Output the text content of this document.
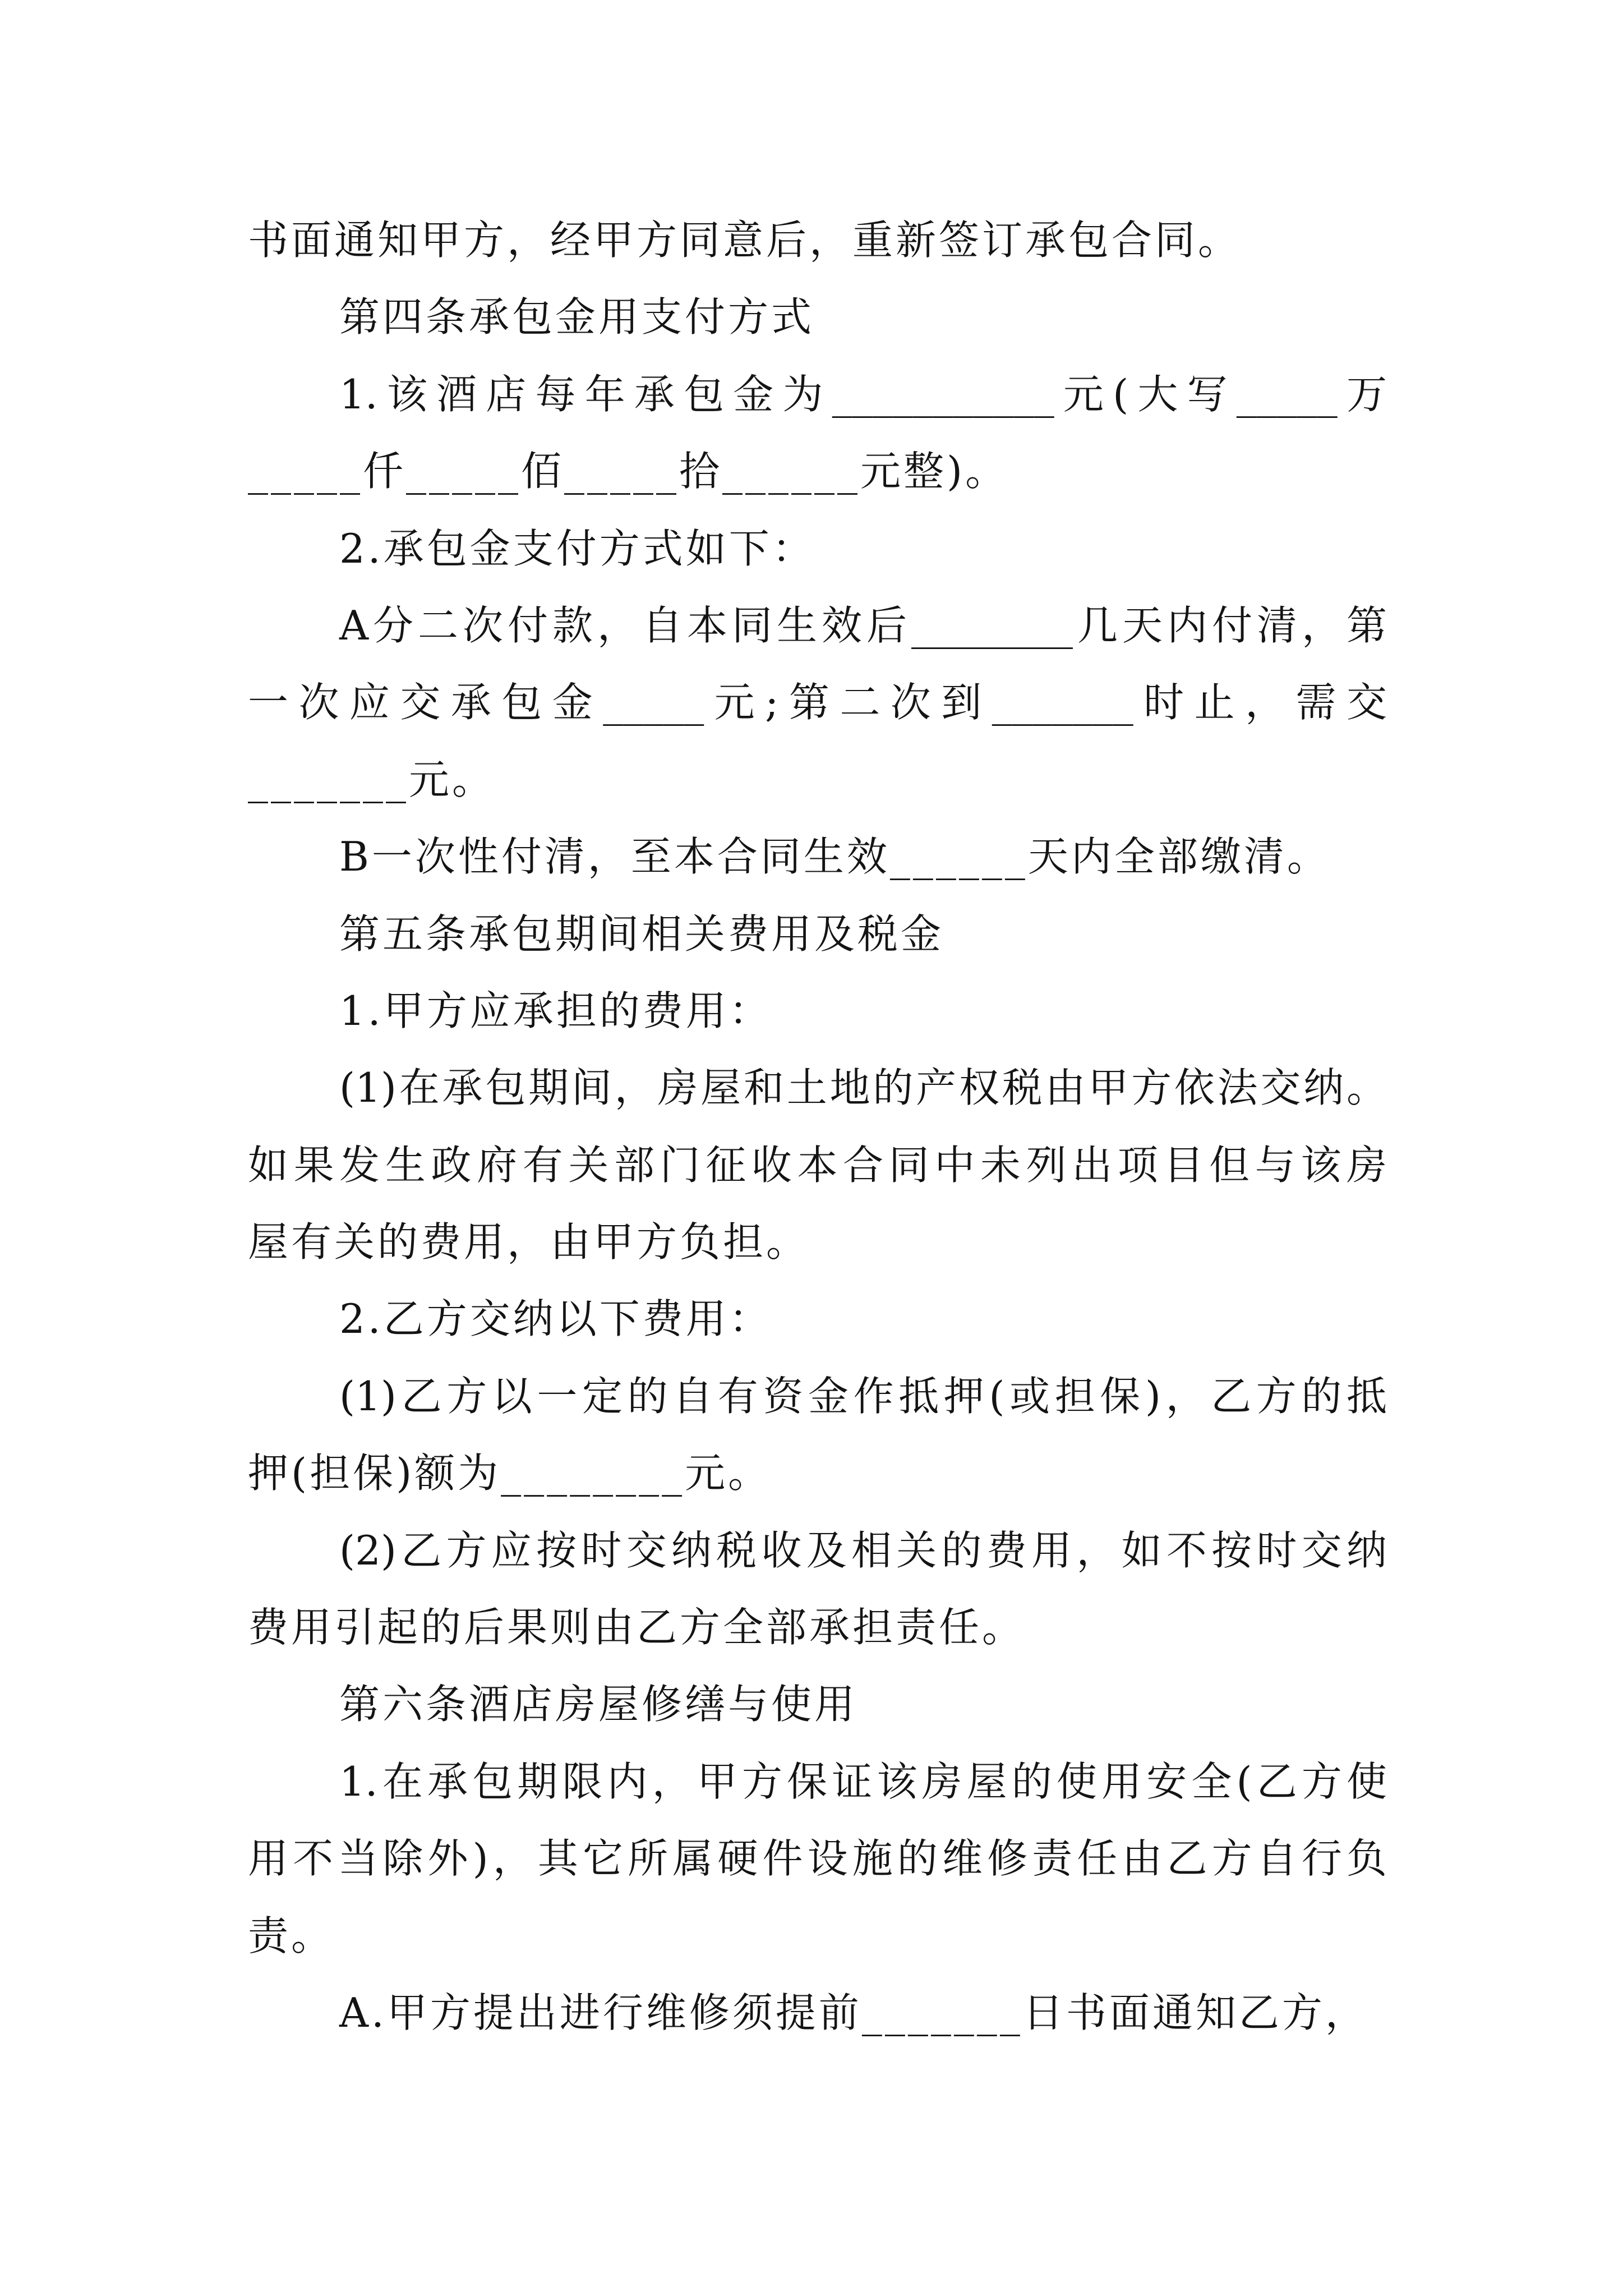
书面通知甲方，经甲方同意后，重新签订承包合同。
第四条承包金用支付方式
1.该酒店每年承包金为___________元(大写_____万
_____仟_____佰_____拾______元整)。
2.承包金支付方式如下：
A分二次付款，自本同生效后________几天内付清，第
一次应交承包金_____元;第二次到_______时止，需交
_______元。
B一次性付清，至本合同生效______天内全部缴清。
第五条承包期间相关费用及税金
1.甲方应承担的费用：
(1)在承包期间，房屋和土地的产权税由甲方依法交纳。
如果发生政府有关部门征收本合同中未列出项目但与该房
屋有关的费用，由甲方负担。
2.乙方交纳以下费用：
(1)乙方以一定的自有资金作抵押(或担保)，乙方的抵
押(担保)额为________元。
(2)乙方应按时交纳税收及相关的费用，如不按时交纳
费用引起的后果则由乙方全部承担责任。
第六条酒店房屋修缮与使用
1.在承包期限内，甲方保证该房屋的使用安全(乙方使
用不当除外)，其它所属硬件设施的维修责任由乙方自行负
责。
A.甲方提出进行维修须提前_______日书面通知乙方，
